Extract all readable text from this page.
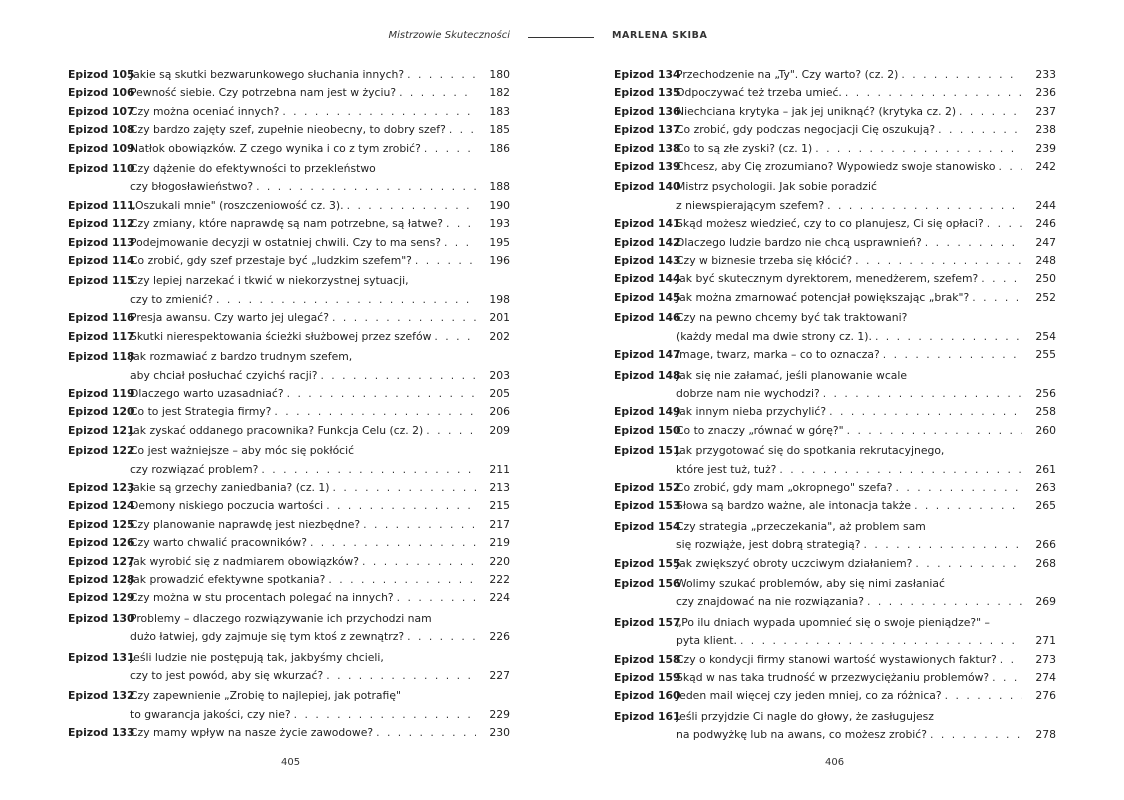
Mistrzowie Skuteczności	MARLENA SKIBA
Epizod 105
Jakie są skutki bezwarunkowego słuchania innych? . . .	180
Epizod 106
Pewność siebie. Czy potrzebna nam jest w życiu? . . .	182
Epizod 107
Czy można oceniać innych? . . .	183
Epizod 108
Czy bardzo zajęty szef, zupełnie nieobecny, to dobry szef? . . .	185
Epizod 109
Natłok obowiązków. Z czego wynika i co z tym zrobić? . . .	186
Epizod 110
Czy dążenie do efektywności to przekleństwo
czy błogosławieństwo? . . .	188
Epizod 111
„Oszukali mnie" (roszczeniowość cz. 3). . . .	190
Epizod 112
Czy zmiany, które naprawdę są nam potrzebne, są łatwe? . . .	193
Epizod 113
Podejmowanie decyzji w ostatniej chwili. Czy to ma sens? . . .	195
Epizod 114
Co zrobić, gdy szef przestaje być „ludzkim szefem"? . . .	196
Epizod 115
Czy lepiej narzekać i tkwić w niekorzystnej sytuacji,
czy to zmienić? . . .	198
Epizod 116
Presja awansu. Czy warto jej ulegać? . . .	201
Epizod 117
Skutki nierespektowania ścieżki służbowej przez szefów . . .	202
Epizod 118
Jak rozmawiać z bardzo trudnym szefem,
aby chciał posłuchać czyichś racji? . . .	203
Epizod 119
Dlaczego warto uzasadniać? . . .	205
Epizod 120
Co to jest Strategia firmy? . . .	206
Epizod 121
Jak zyskać oddanego pracownika? Funkcja Celu (cz. 2) . . .	209
Epizod 122
Co jest ważniejsze – aby móc się pokłócić
czy rozwiązać problem? . . .	211
Epizod 123
Jakie są grzechy zaniedbania? (cz. 1) . . .	213
Epizod 124
Demony niskiego poczucia wartości . . .	215
Epizod 125
Czy planowanie naprawdę jest niezbędne? . . .	217
Epizod 126
Czy warto chwalić pracowników? . . .	219
Epizod 127
Jak wyrobić się z nadmiarem obowiązków? . . .	220
Epizod 128
Jak prowadzić efektywne spotkania? . . .	222
Epizod 129
Czy można w stu procentach polegać na innych? . . .	224
Epizod 130
Problemy – dlaczego rozwiązywanie ich przychodzi nam
dużo łatwiej, gdy zajmuje się tym ktoś z zewnątrz? . . .	226
Epizod 131
Jeśli ludzie nie postępują tak, jakbyśmy chcieli,
czy to jest powód, aby się wkurzać? . . .	227
Epizod 132
Czy zapewnienie „Zrobię to najlepiej, jak potrafię"
to gwarancja jakości, czy nie? . . .	229
Epizod 133
Czy mamy wpływ na nasze życie zawodowe? . . .	230
Epizod 134
Przechodzenie na „Ty". Czy warto? (cz. 2) . . .	233
Epizod 135
Odpoczywać też trzeba umieć. . . .	236
Epizod 136
Niechciana krytyka – jak jej uniknąć? (krytyka cz. 2) . . .	237
Epizod 137
Co zrobić, gdy podczas negocjacji Cię oszukują? . . .	238
Epizod 138
Co to są złe zyski? (cz. 1) . . .	239
Epizod 139
Chcesz, aby Cię zrozumiano? Wypowiedz swoje stanowisko . . .	242
Epizod 140
Mistrz psychologii. Jak sobie poradzić
z niewspierającym szefem? . . .	244
Epizod 141
Skąd możesz wiedzieć, czy to co planujesz, Ci się opłaci? . . .	246
Epizod 142
Dlaczego ludzie bardzo nie chcą usprawnień? . . .	247
Epizod 143
Czy w biznesie trzeba się kłócić? . . .	248
Epizod 144
Jak być skutecznym dyrektorem, menedżerem, szefem? . . .	250
Epizod 145
Jak można zmarnować potencjał powiększając „brak"? . . .	252
Epizod 146
Czy na pewno chcemy być tak traktowani?
(każdy medal ma dwie strony cz. 1). . . .	254
Epizod 147
Image, twarz, marka – co to oznacza? . . .	255
Epizod 148
Jak się nie załamać, jeśli planowanie wcale
dobrze nam nie wychodzi? . . .	256
Epizod 149
Jak innym nieba przychylić? . . .	258
Epizod 150
Co to znaczy „równać w górę?" . . .	260
Epizod 151
Jak przygotować się do spotkania rekrutacyjnego,
które jest tuż, tuż? . . .	261
Epizod 152
Co zrobić, gdy mam „okropnego" szefa? . . .	263
Epizod 153
Słowa są bardzo ważne, ale intonacja także . . .	265
Epizod 154
Czy strategia „przeczekania", aż problem sam
się rozwiąże, jest dobrą strategią? . . .	266
Epizod 155
Jak zwiększyć obroty uczciwym działaniem? . . .	268
Epizod 156
Wolimy szukać problemów, aby się nimi zasłaniać
czy znajdować na nie rozwiązania? . . .	269
Epizod 157
„Po ilu dniach wypada upomnieć się o swoje pieniądze?" –
pyta klient. . . .	271
Epizod 158
Czy o kondycji firmy stanowi wartość wystawionych faktur? . . .	273
Epizod 159
Skąd w nas taka trudność w przezwyciężaniu problemów? . . .	274
Epizod 160
Jeden mail więcej czy jeden mniej, co za różnica? . . .	276
Epizod 161
Jeśli przyjdzie Ci nagle do głowy, że zasługujesz
na podwyżkę lub na awans, co możesz zrobić? . . .	278
405	406
